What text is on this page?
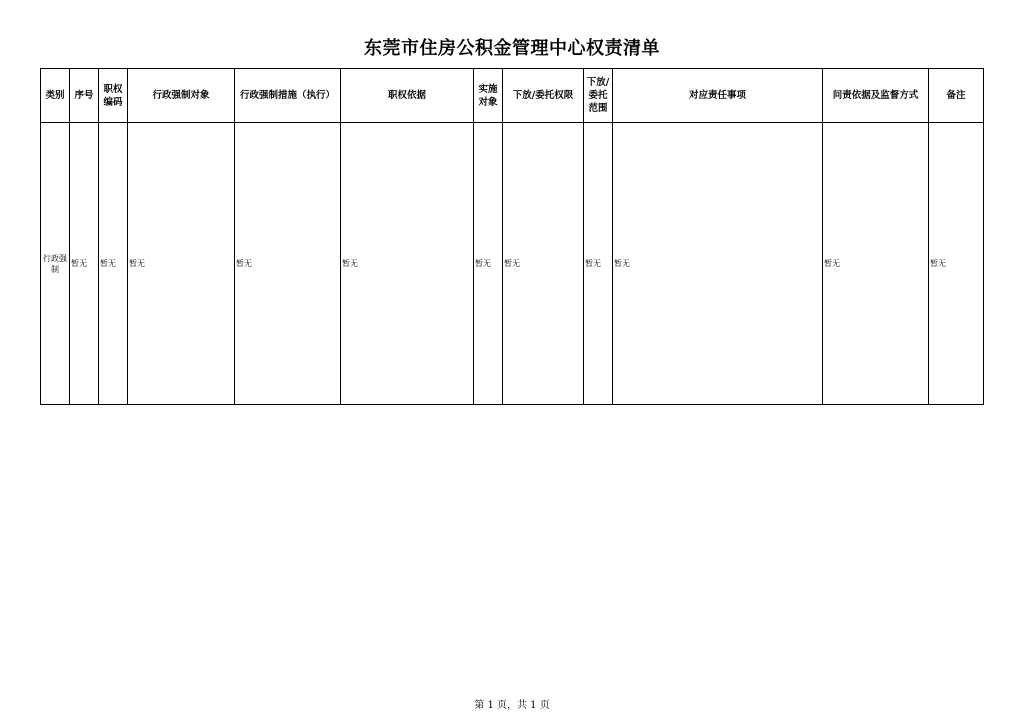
东莞市住房公积金管理中心权责清单
类别	序号	职权编码	行政强制对象	行政强制措施（执行）	职权依据	实施对象	下放/委托权限	下放/委托范围	对应责任事项	问责依据及监督方式	备注
行政强制	暂无	暂无	暂无	暂无	暂无	暂无	暂无	暂无	暂无	暂无	暂无
第 1 页，共 1 页
